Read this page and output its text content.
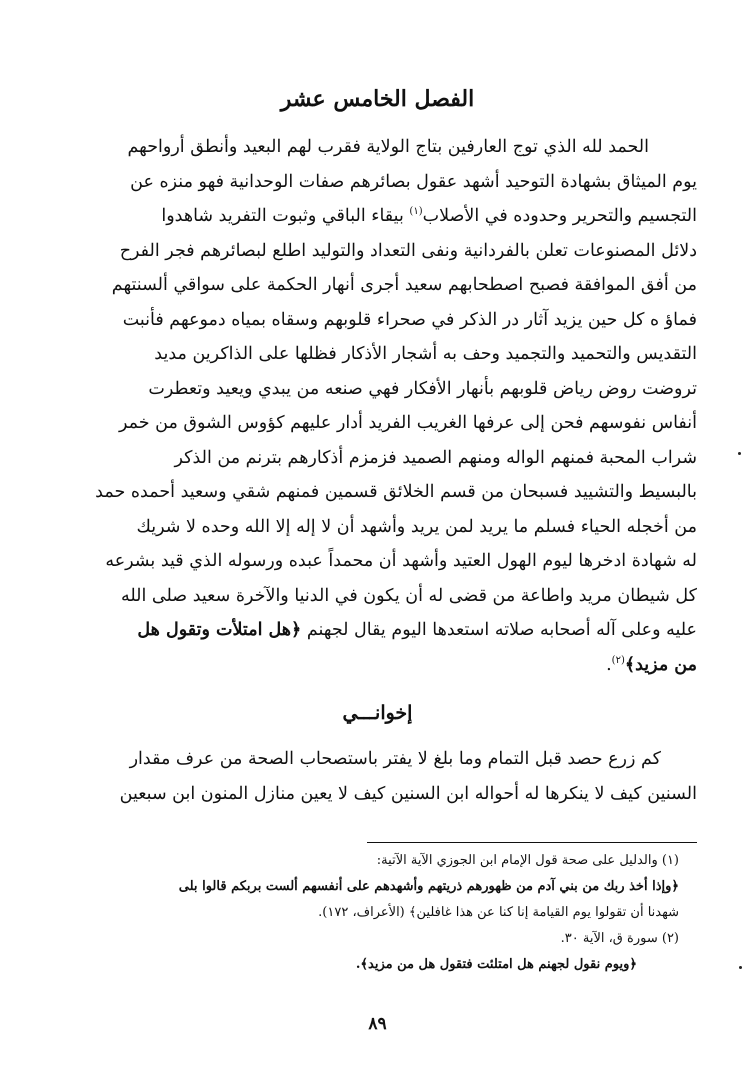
الفصل الخامس عشر
الحمد لله الذي توج العارفين بتاج الولاية فقرب لهم البعيد وأنطق أرواحهم
يوم الميثاق بشهادة التوحيد أشهد عقول بصائرهم صفات الوحدانية فهو منزه عن
التجسيم والتحرير وحدوده في الأصلاب$^{(١)}$ بيقاء الباقي وثبوت التفريد شاهدوا
دلائل المصنوعات تعلن بالفردانية ونفى التعداد والتوليد اطلع لبصائرهم فجر الفرح
من أفق الموافقة فصبح اصطحابهم سعيد أجرى أنهار الحكمة على سواقي ألسنتهم
فماؤ ه كل حين يزيد آثار در الذكر في صحراء قلوبهم وسقاه بمياه دموعهم فأنبت
التقديس والتحميد والتجميد وحف به أشجار الأذكار فظلها على الذاكرين مديد
تروضت روض رياض قلوبهم بأنهار الأفكار فهي صنعه من يبدي ويعيد وتعطرت
أنفاس نفوسهم فحن إلى عرفها الغريب الفريد أدار عليهم كؤوس الشوق من خمر
شراب المحبة فمنهم الواله ومنهم الصميد فزمزم أذكارهم بترنم من الذكر
بالبسيط والتشييد فسبحان من قسم الخلائق قسمين فمنهم شقي وسعيد أحمده حمد
من أخجله الحياء فسلم ما يريد لمن يريد وأشهد أن لا إله إلا الله وحده لا شريك
له شهادة ادخرها ليوم الهول العتيد وأشهد أن محمداً عبده ورسوله الذي قيد بشرعه
كل شيطان مريد واطاعة من قضى له أن يكون في الدنيا والآخرة سعيد صلى الله
عليه وعلى آله أصحابه صلاته استعدها اليوم يقال لجهنم ﴿هل امتلأت وتقول هل
من مزيد﴾$^{(٢)}$.
إخوانـــي
كم زرع حصد قبل التمام وما بلغ لا يفتر باستصحاب الصحة من عرف مقدار
السنين كيف لا ينكرها له أحواله ابن السنين كيف لا يعين منازل المنون ابن سبعين
(١) والدليل على صحة قول الإمام ابن الجوزي الآية الآتية:
﴿وإذا أخذ ربك من بني آدم من ظهورهم ذريتهم وأشهدهم على أنفسهم ألست بربكم قالوا بلى
شهدنا أن تقولوا يوم القيامة إنا كنا عن هذا غافلين﴾ (الأعراف، ١٧٢).
(٢) سورة ق، الآية ٣٠.
﴿ويوم نقول لجهنم هل امتلئت فتقول هل من مزيد﴾.
٨٩
